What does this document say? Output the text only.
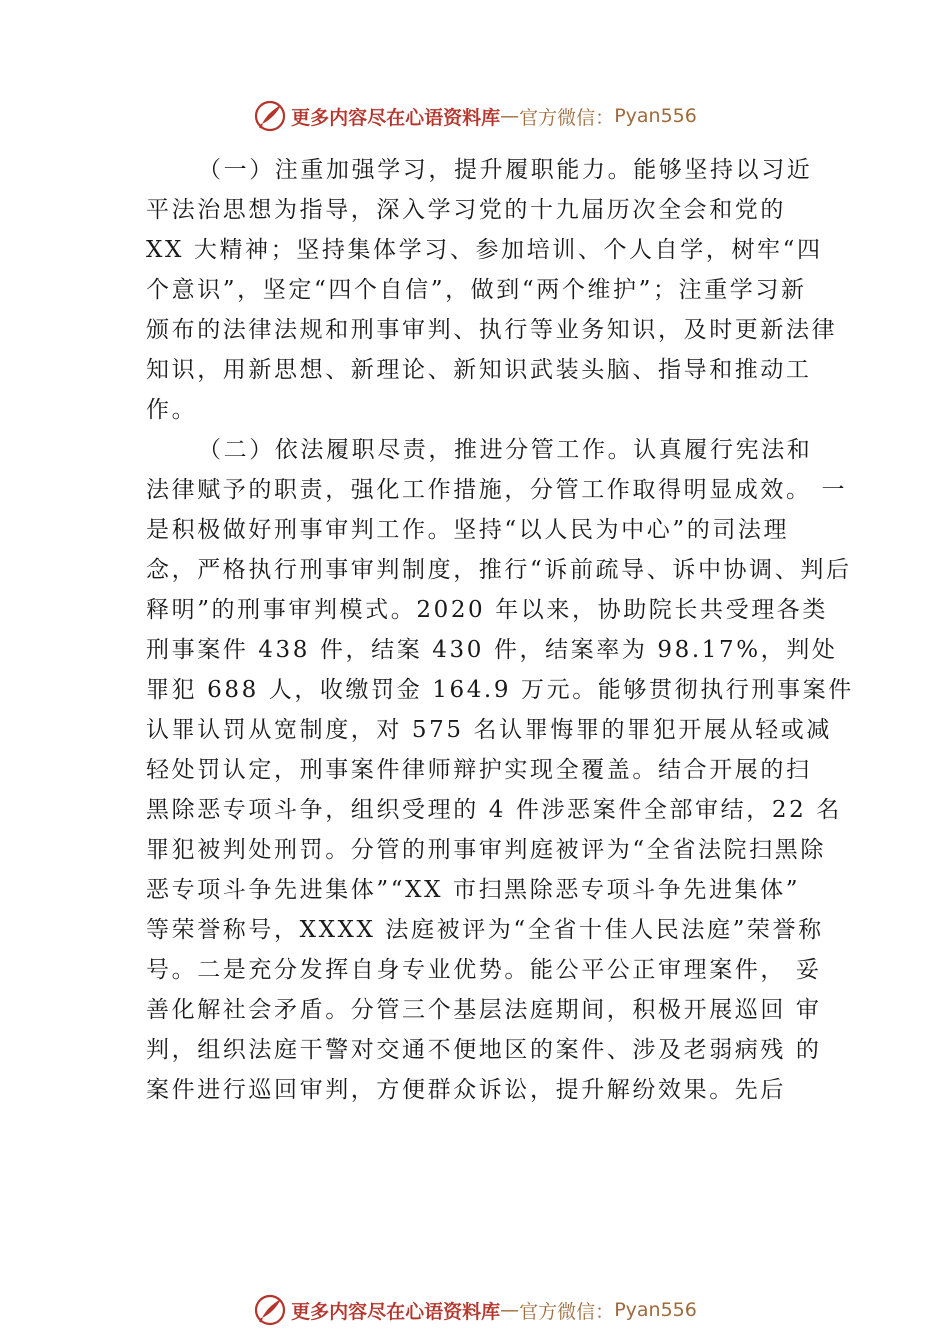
更多内容尽在心语资料库 — 官方微信： Pyan556
（一）注重加强学习，提升履职能力。能够坚持以习近
平法治思想为指导，深入学习党的十九届历次全会和党的
XX 大精神；坚持集体学习、参加培训、个人自学，树牢“四
个意识”，坚定“四个自信”，做到“两个维护”；注重学习新
颁布的法律法规和刑事审判、执行等业务知识，及时更新法律
知识，用新思想、新理论、新知识武装头脑、指导和推动工
作。
（二）依法履职尽责，推进分管工作。认真履行宪法和
法律赋予的职责，强化工作措施，分管工作取得明显成效。 一
是积极做好刑事审判工作。坚持“以人民为中心”的司法理
念，严格执行刑事审判制度，推行“诉前疏导、诉中协调、判后
释明”的刑事审判模式。2020 年以来，协助院长共受理各类
刑事案件 438 件，结案 430 件，结案率为 98.17%，判处
罪犯 688 人，收缴罚金 164.9 万元。能够贯彻执行刑事案件
认罪认罚从宽制度，对 575 名认罪悔罪的罪犯开展从轻或减
轻处罚认定，刑事案件律师辩护实现全覆盖。结合开展的扫
黑除恶专项斗争，组织受理的 4 件涉恶案件全部审结，22 名
罪犯被判处刑罚。分管的刑事审判庭被评为“全省法院扫黑除
恶专项斗争先进集体”“XX 市扫黑除恶专项斗争先进集体”
等荣誉称号，XXXX 法庭被评为“全省十佳人民法庭”荣誉称
号。二是充分发挥自身专业优势。能公平公正审理案件， 妥
善化解社会矛盾。分管三个基层法庭期间，积极开展巡回 审
判，组织法庭干警对交通不便地区的案件、涉及老弱病残 的
案件进行巡回审判，方便群众诉讼，提升解纷效果。先后
更多内容尽在心语资料库 — 官方微信： Pyan556
